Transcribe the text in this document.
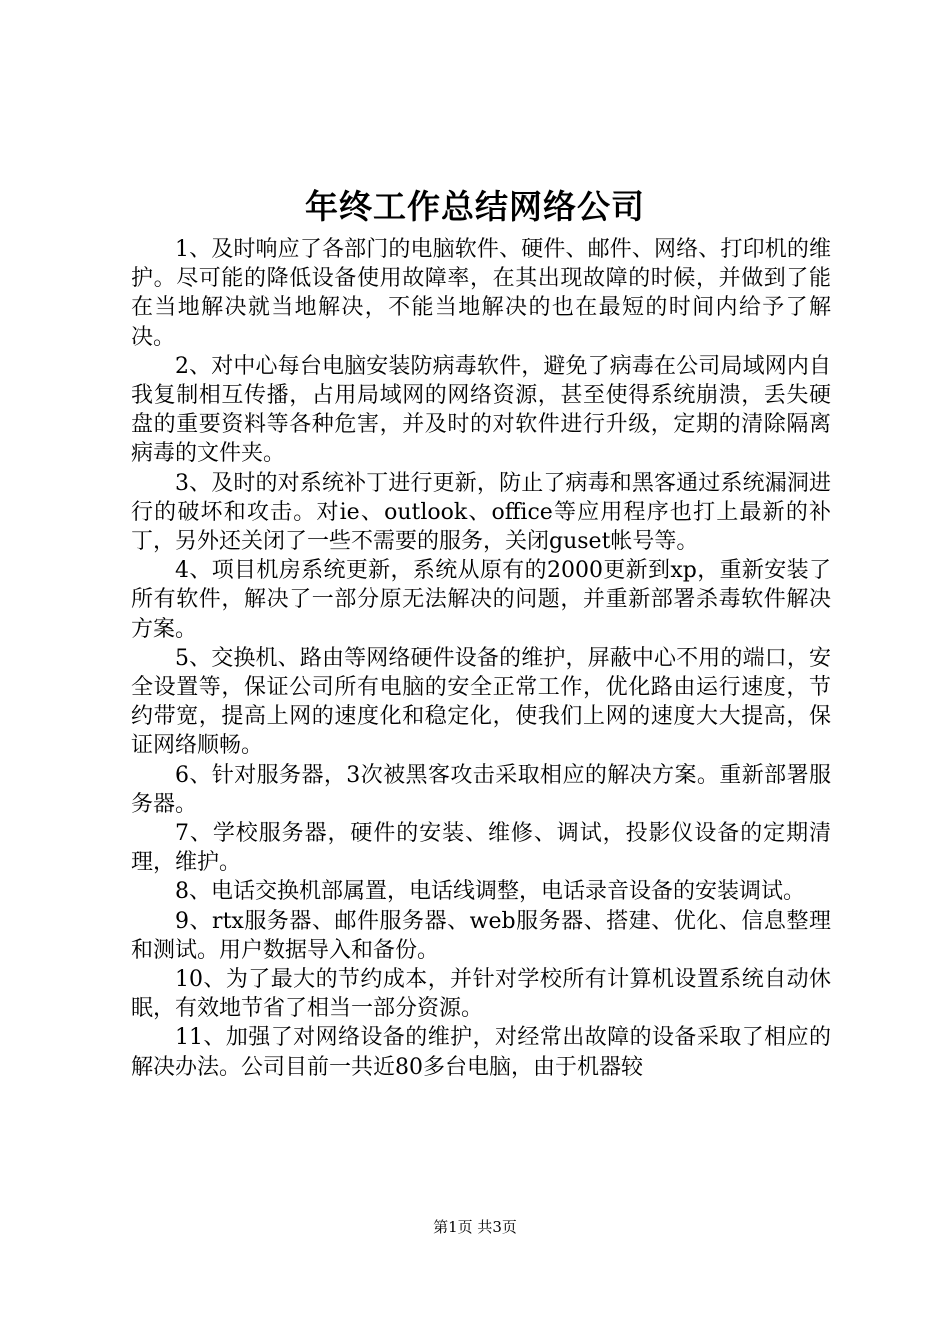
年终工作总结网络公司

1、及时响应了各部门的电脑软件、硬件、邮件、网络、打印机的维护。尽可能的降低设备使用故障率，在其出现故障的时候，并做到了能在当地解决就当地解决，不能当地解决的也在最短的时间内给予了解决。

2、对中心每台电脑安装防病毒软件，避免了病毒在公司局域网内自我复制相互传播，占用局域网的网络资源，甚至使得系统崩溃，丢失硬盘的重要资料等各种危害，并及时的对软件进行升级，定期的清除隔离病毒的文件夹。

3、及时的对系统补丁进行更新，防止了病毒和黑客通过系统漏洞进行的破坏和攻击。对ie、outlook、office等应用程序也打上最新的补丁，另外还关闭了一些不需要的服务，关闭guset帐号等。

4、项目机房系统更新，系统从原有的2000更新到xp，重新安装了所有软件，解决了一部分原无法解决的问题，并重新部署杀毒软件解决方案。

5、交换机、路由等网络硬件设备的维护，屏蔽中心不用的端口，安全设置等，保证公司所有电脑的安全正常工作，优化路由运行速度，节约带宽，提高上网的速度化和稳定化，使我们上网的速度大大提高，保证网络顺畅。

6、针对服务器，3次被黑客攻击采取相应的解决方案。重新部署服务器。

7、学校服务器，硬件的安装、维修、调试，投影仪设备的定期清理，维护。

8、电话交换机部属置，电话线调整，电话录音设备的安装调试。

9、rtx服务器、邮件服务器、web服务器、搭建、优化、信息整理和测试。用户数据导入和备份。

10、为了最大的节约成本，并针对学校所有计算机设置系统自动休眠，有效地节省了相当一部分资源。

11、加强了对网络设备的维护，对经常出故障的设备采取了相应的解决办法。公司目前一共近80多台电脑，由于机器较

第1页 共3页
